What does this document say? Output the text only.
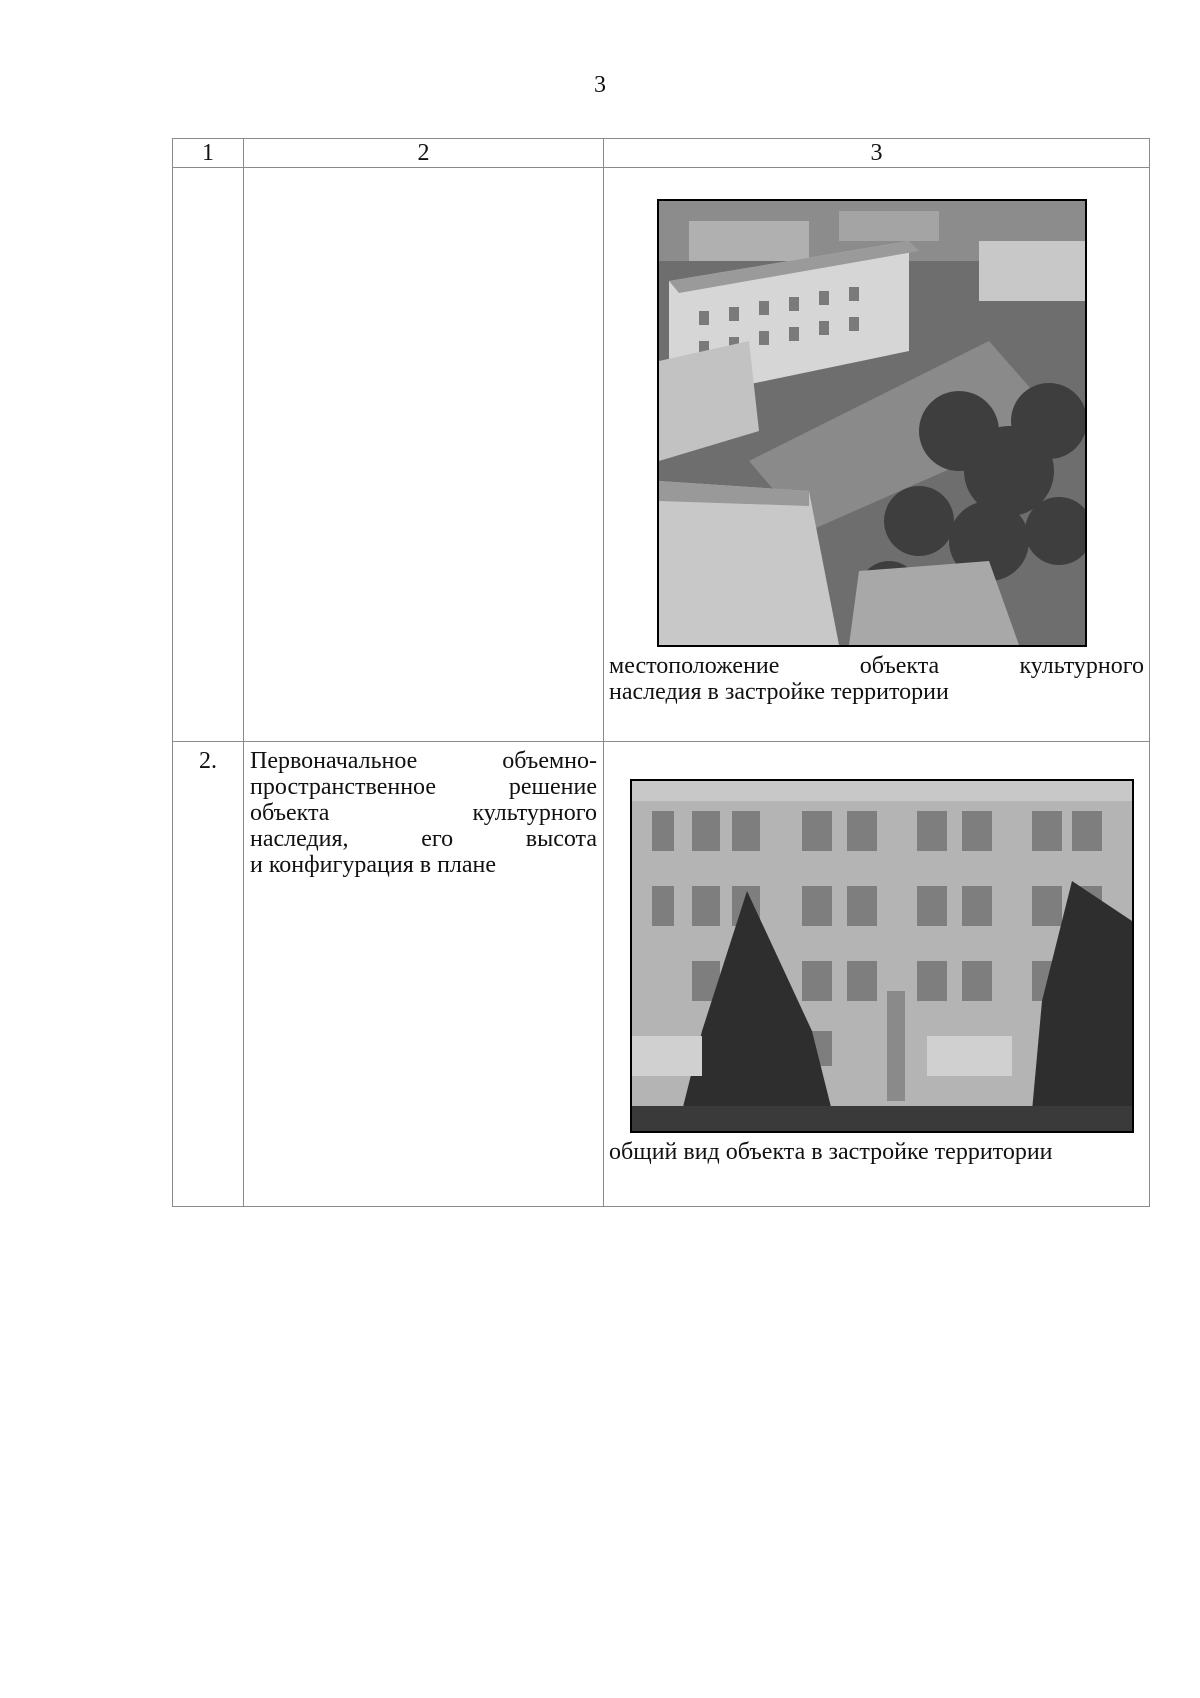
3
1	2	3

		местоположение объекта культурного
наследия в застройке территории

2.	Первоначальное объемно-
пространственное решение
объекта культурного
наследия, его высота
и конфигурация в плане	общий вид объекта в застройке территории
